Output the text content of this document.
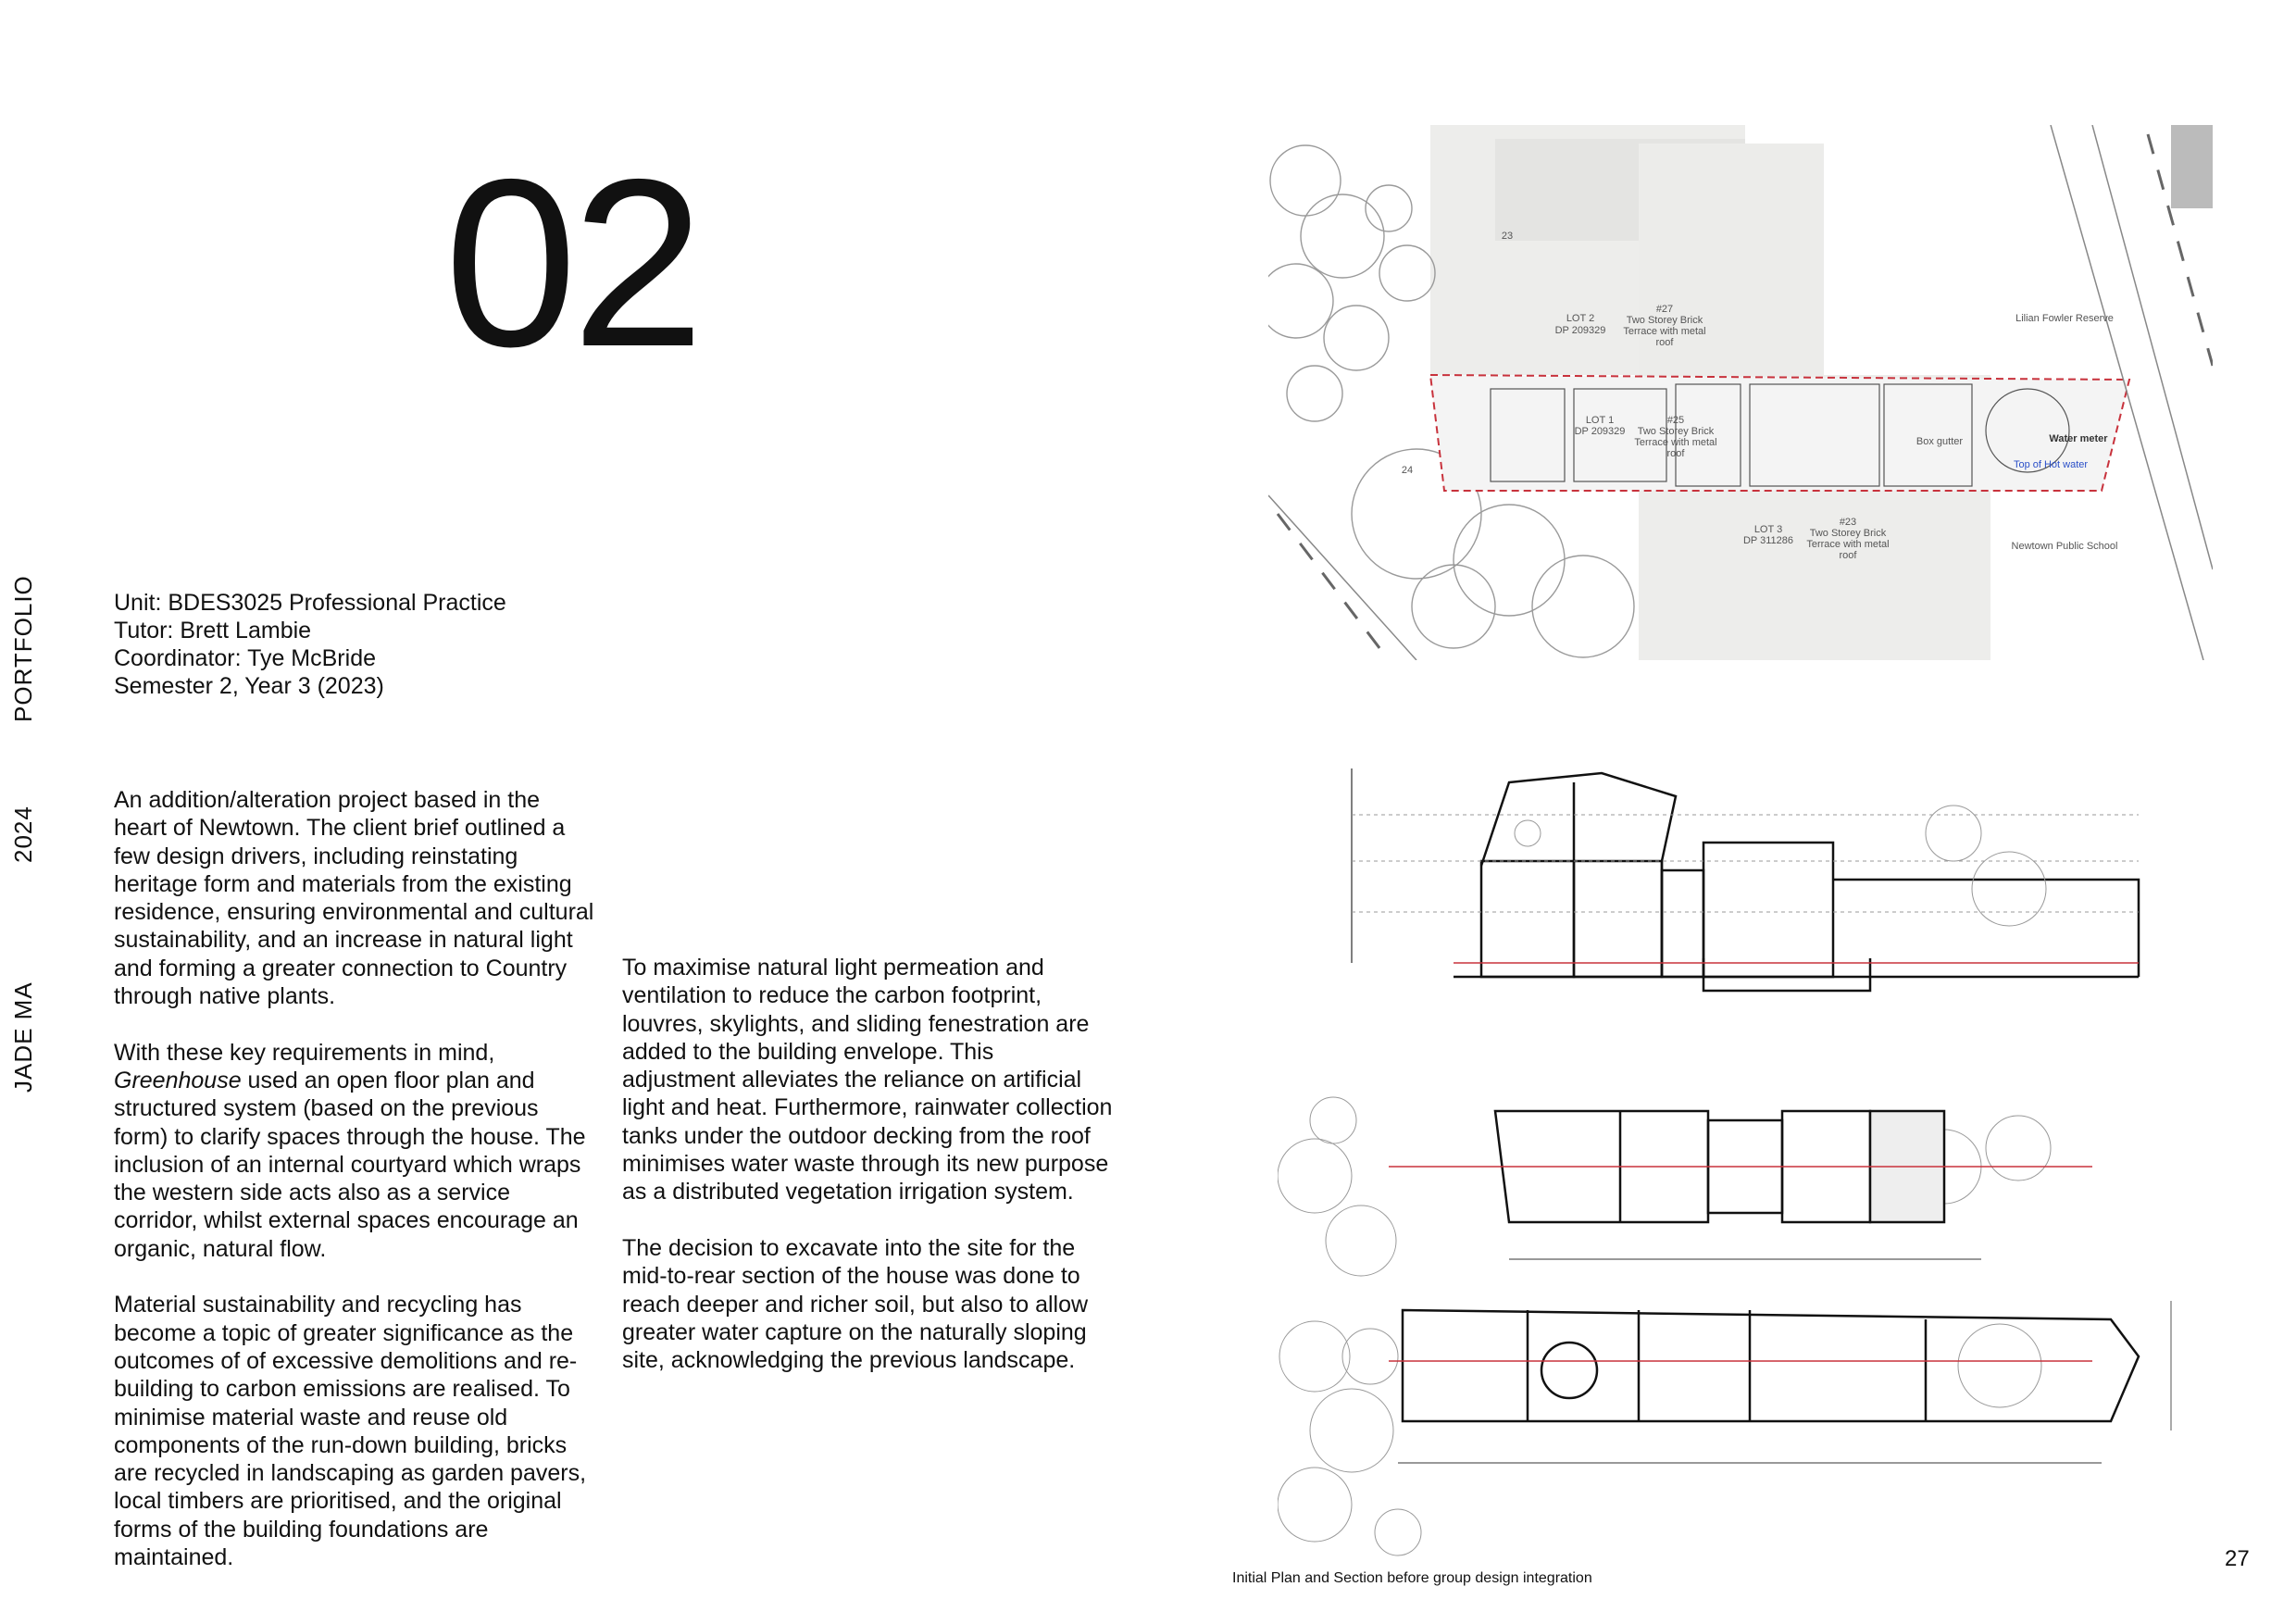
PORTFOLIO
2024
JADE MA
02
Unit: BDES3025 Professional Practice
Tutor: Brett Lambie
Coordinator: Tye McBride
Semester 2, Year 3 (2023)

An addition/alteration project based in the heart of Newtown. The client brief outlined a few design drivers, including reinstating heritage form and materials from the existing residence, ensuring environmental and cultural sustainability, and an increase in natural light and forming a greater connection to Country through native plants.

With these key requirements in mind,
Greenhouse used an open floor plan and structured system (based on the previous form) to clarify spaces through the house. The inclusion of an internal courtyard which wraps the western side acts also as a service corridor, whilst external spaces encourage an organic, natural flow.

Material sustainability and recycling has become a topic of greater significance as the outcomes of of excessive demolitions and re-building to carbon emissions are realised. To minimise material waste and reuse old components of the run-down building, bricks are recycled in landscaping as garden pavers, local timbers are prioritised, and the original forms of the building foundations are maintained.

To maximise natural light permeation and ventilation to reduce the carbon footprint, louvres, skylights, and sliding fenestration are added to the building envelope. This adjustment alleviates the reliance on artificial light and heat. Furthermore, rainwater collection tanks under the outdoor decking from the roof minimises water waste through its new purpose as a distributed vegetation irrigation system.

The decision to excavate into the site for the mid-to-rear section of the house was done to reach deeper and richer soil, but also to allow greater water capture on the naturally sloping site, acknowledging the previous landscape.

LOT 2
DP 209329
#27
Two Storey Brick
Terrace with metal
roof
LOT 1
DP 209329
#25
Two Storey Brick
Terrace with metal
roof
LOT 3
DP 311286
#23
Two Storey Brick
Terrace with metal
roof
Lilian Fowler Reserve
Newtown Public School
Box gutter	Water meter
Top of Hot water
23
24
Initial Plan and Section before group design integration
27
